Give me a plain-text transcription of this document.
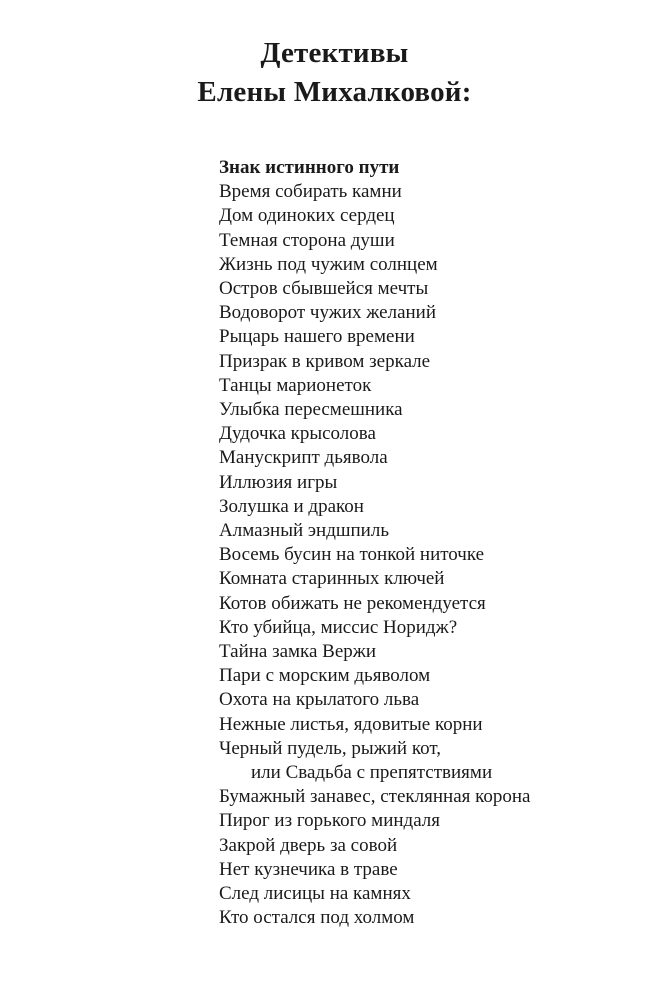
Детективы
Елены Михалковой:
Знак истинного пути
Время собирать камни
Дом одиноких сердец
Темная сторона души
Жизнь под чужим солнцем
Остров сбывшейся мечты
Водоворот чужих желаний
Рыцарь нашего времени
Призрак в кривом зеркале
Танцы марионеток
Улыбка пересмешника
Дудочка крысолова
Манускрипт дьявола
Иллюзия игры
Золушка и дракон
Алмазный эндшпиль
Восемь бусин на тонкой ниточке
Комната старинных ключей
Котов обижать не рекомендуется
Кто убийца, миссис Норидж?
Тайна замка Вержи
Пари с морским дьяволом
Охота на крылатого льва
Нежные листья, ядовитые корни
Черный пудель, рыжий кот,
или Свадьба с препятствиями
Бумажный занавес, стеклянная корона
Пирог из горького миндаля
Закрой дверь за совой
Нет кузнечика в траве
След лисицы на камнях
Кто остался под холмом
